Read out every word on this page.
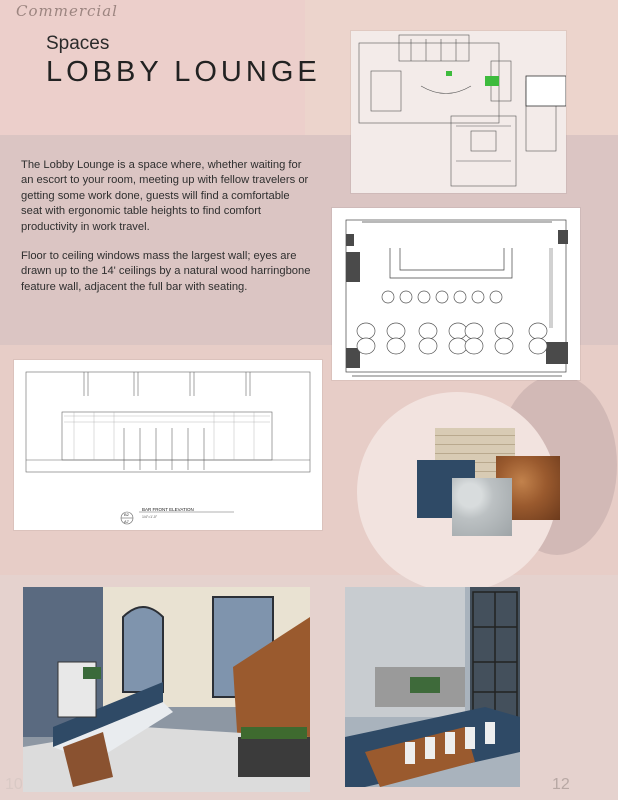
Commercial
Spaces
LOBBY LOUNGE

The Lobby Lounge is a space where, whether waiting for an escort to your room, meeting up with fellow travelers or getting some work done, guests will find a comfortable seat with ergonomic table heights to find comfort productivity in work travel.

Floor to ceiling windows mass the largest wall; eyes are drawn up to the 14' ceilings by a natural wood harringbone feature wall, adjacent the full bar with seating.

B2
A7
BAR FRONT ELEVATION
1/4"=1'-0"
10	12
